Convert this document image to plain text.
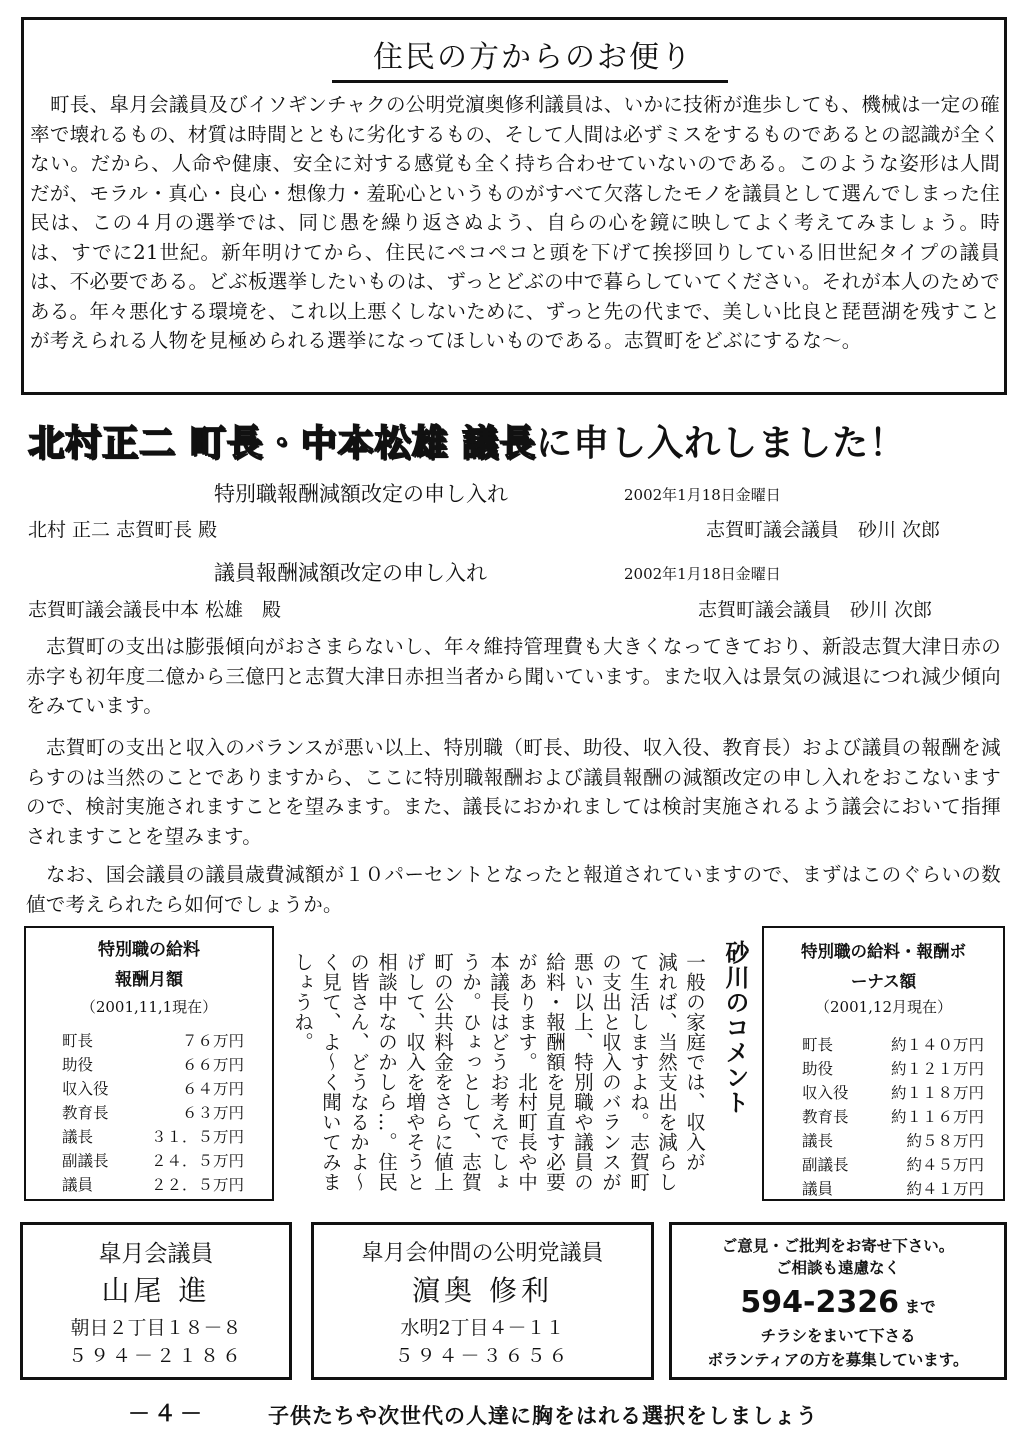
住民の方からのお便り

町長、皐月会議員及びイソギンチャクの公明党濵奥修利議員は、いかに技術が進歩しても、機械は一定の確率で壊れるもの、材質は時間とともに劣化するもの、そして人間は必ずミスをするものであるとの認識が全くない。だから、人命や健康、安全に対する感覚も全く持ち合わせていないのである。このような姿形は人間だが、モラル・真心・良心・想像力・羞恥心というものがすべて欠落したモノを議員として選んでしまった住民は、この４月の選挙では、同じ愚を繰り返さぬよう、自らの心を鏡に映してよく考えてみましょう。時は、すでに21世紀。新年明けてから、住民にペコペコと頭を下げて挨拶回りしている旧世紀タイプの議員は、不必要である。どぶ板選挙したいものは、ずっとどぶの中で暮らしていてください。それが本人のためである。年々悪化する環境を、これ以上悪くしないために、ずっと先の代まで、美しい比良と琵琶湖を残すことが考えられる人物を見極められる選挙になってほしいものである。志賀町をどぶにするな〜。

北村正二 町長・中本松雄 議長に申し入れしました！
特別職報酬減額改定の申し入れ	2002年1月18日金曜日
北村 正二 志賀町長 殿	志賀町議会議員　砂川 次郎
議員報酬減額改定の申し入れ	2002年1月18日金曜日
志賀町議会議長中本 松雄　殿	志賀町議会議員　砂川 次郎

志賀町の支出は膨張傾向がおさまらないし、年々維持管理費も大きくなってきており、新設志賀大津日赤の赤字も初年度二億から三億円と志賀大津日赤担当者から聞いています。また収入は景気の減退につれ減少傾向をみています。

志賀町の支出と収入のバランスが悪い以上、特別職（町長、助役、収入役、教育長）および議員の報酬を減らすのは当然のことでありますから、ここに特別職報酬および議員報酬の減額改定の申し入れをおこないますので、検討実施されますことを望みます。また、議長におかれましては検討実施されるよう議会において指揮されますことを望みます。

なお、国会議員の議員歳費減額が１０パーセントとなったと報道されていますので、まずはこのぐらいの数値で考えられたら如何でしょうか。

特別職の給料
報酬月額
（2001,11,1現在）
町長	７６万円
助役	６６万円
収入役	６４万円
教育長	６３万円
議長	３１．５万円
副議長	２４．５万円
議員	２２．５万円
砂川のコメント
一般の家庭では、収入が
減れば、当然支出を減らし
て生活しますよね。志賀町
の支出と収入のバランスが
悪い以上、特別職や議員の
給料・報酬額を見直す必要
があります。北村町長や中
本議長はどうお考えでしょ
うか。ひょっとして、志賀
町の公共料金をさらに値上
げして、収入を増やそうと
相談中なのかしら…。住民
の皆さん、どうなるかよ〜
く見て、よ〜く聞いてみま
しょうね。
特別職の給料・報酬ボ
ーナス額
（2001,12月現在）
町長	約１４０万円
助役	約１２１万円
収入役	約１１８万円
教育長	約１１６万円
議長	約５８万円
副議長	約４５万円
議員	約４１万円
皐月会議員
山尾 進
朝日２丁目１８－８
５９４－２１８６
皐月会仲間の公明党議員
濵奥 修利
水明2丁目４－１１
５９４－３６５６
ご意見・ご批判をお寄せ下さい。
ご相談も遠慮なく
594-2326 まで
チラシをまいて下さる
ボランティアの方を募集しています。
－４－	子供たちや次世代の人達に胸をはれる選択をしましょう
